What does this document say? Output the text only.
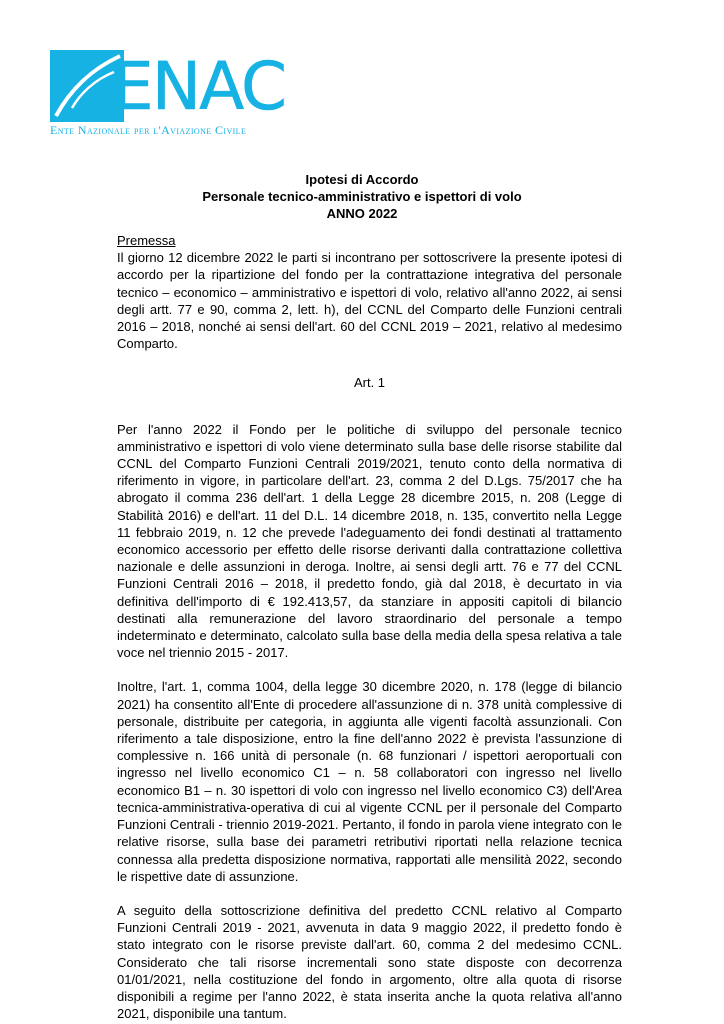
ENAC
Ente Nazionale per l'Aviazione Civile
Ipotesi di Accordo
Personale tecnico-amministrativo e ispettori di volo
ANNO 2022

Premessa

Il giorno 12 dicembre 2022 le parti si incontrano per sottoscrivere la presente ipotesi di accordo per la ripartizione del fondo per la contrattazione integrativa del personale tecnico – economico – amministrativo e ispettori di volo, relativo all'anno 2022, ai sensi degli artt. 77 e 90, comma 2, lett. h), del CCNL del Comparto delle Funzioni centrali 2016 – 2018, nonché ai sensi dell'art. 60 del CCNL 2019 – 2021, relativo al medesimo Comparto.

Art. 1

Per l'anno 2022 il Fondo per le politiche di sviluppo del personale tecnico amministrativo e ispettori di volo viene determinato sulla base delle risorse stabilite dal CCNL del Comparto Funzioni Centrali 2019/2021, tenuto conto della normativa di riferimento in vigore, in particolare dell'art. 23, comma 2 del D.Lgs. 75/2017 che ha abrogato il comma 236 dell'art. 1 della Legge 28 dicembre 2015, n. 208 (Legge di Stabilità 2016) e dell'art. 11 del D.L. 14 dicembre 2018, n. 135, convertito nella Legge 11 febbraio 2019, n. 12 che prevede l'adeguamento dei fondi destinati al trattamento economico accessorio per effetto delle risorse derivanti dalla contrattazione collettiva nazionale e delle assunzioni in deroga. Inoltre, ai sensi degli artt. 76 e 77 del CCNL Funzioni Centrali 2016 – 2018, il predetto fondo, già dal 2018, è decurtato in via definitiva dell'importo di € 192.413,57, da stanziare in appositi capitoli di bilancio destinati alla remunerazione del lavoro straordinario del personale a tempo indeterminato e determinato, calcolato sulla base della media della spesa relativa a tale voce nel triennio 2015 - 2017.

Inoltre, l'art. 1, comma 1004, della legge 30 dicembre 2020, n. 178 (legge di bilancio 2021) ha consentito all'Ente di procedere all'assunzione di n. 378 unità complessive di personale, distribuite per categoria, in aggiunta alle vigenti facoltà assunzionali. Con riferimento a tale disposizione, entro la fine dell'anno 2022 è prevista l'assunzione di complessive n. 166 unità di personale (n. 68 funzionari / ispettori aeroportuali con ingresso nel livello economico C1 – n. 58 collaboratori con ingresso nel livello economico B1 – n. 30 ispettori di volo con ingresso nel livello economico C3) dell'Area tecnica-amministrativa-operativa di cui al vigente CCNL per il personale del Comparto Funzioni Centrali - triennio 2019-2021. Pertanto, il fondo in parola viene integrato con le relative risorse, sulla base dei parametri retributivi riportati nella relazione tecnica connessa alla predetta disposizione normativa, rapportati alle mensilità 2022, secondo le rispettive date di assunzione.

A seguito della sottoscrizione definitiva del predetto CCNL relativo al Comparto Funzioni Centrali 2019 - 2021, avvenuta in data 9 maggio 2022, il predetto fondo è stato integrato con le risorse previste dall'art. 60, comma 2 del medesimo CCNL. Considerato che tali risorse incrementali sono state disposte con decorrenza 01/01/2021, nella costituzione del fondo in argomento, oltre alla quota di risorse disponibili a regime per l'anno 2022, è stata inserita anche la quota relativa all'anno 2021, disponibile una tantum.
